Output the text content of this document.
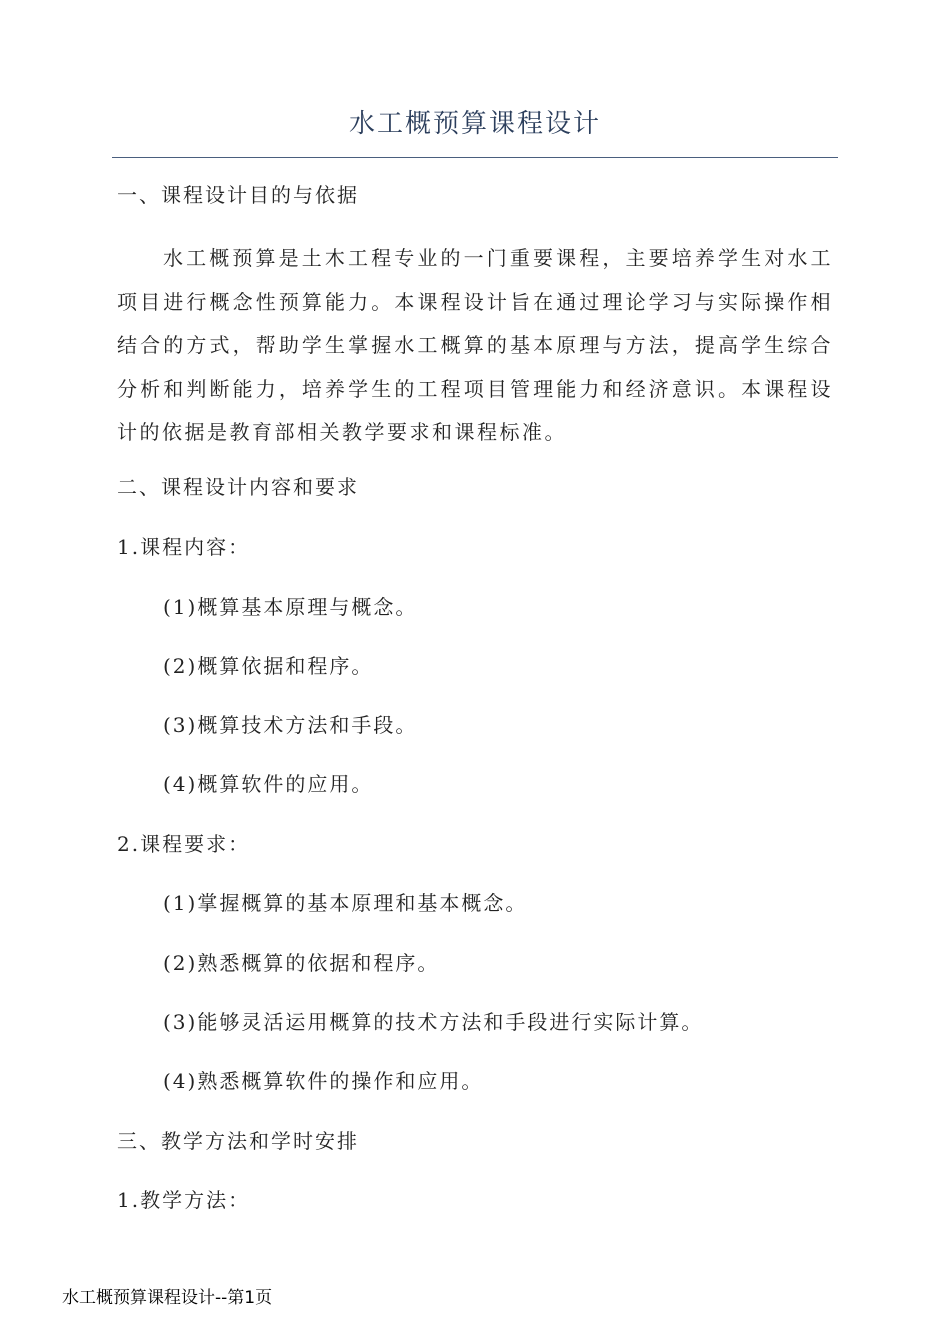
水工概预算课程设计
一、课程设计目的与依据

水工概预算是土木工程专业的一门重要课程，主要培养学生对水工项目进行概念性预算能力。本课程设计旨在通过理论学习与实际操作相结合的方式，帮助学生掌握水工概算的基本原理与方法，提高学生综合分析和判断能力，培养学生的工程项目管理能力和经济意识。本课程设计的依据是教育部相关教学要求和课程标准。

二、课程设计内容和要求
1.课程内容：
(1)概算基本原理与概念。
(2)概算依据和程序。
(3)概算技术方法和手段。
(4)概算软件的应用。
2.课程要求：
(1)掌握概算的基本原理和基本概念。
(2)熟悉概算的依据和程序。
(3)能够灵活运用概算的技术方法和手段进行实际计算。
(4)熟悉概算软件的操作和应用。
三、教学方法和学时安排
1.教学方法：
水工概预算课程设计--第1页
